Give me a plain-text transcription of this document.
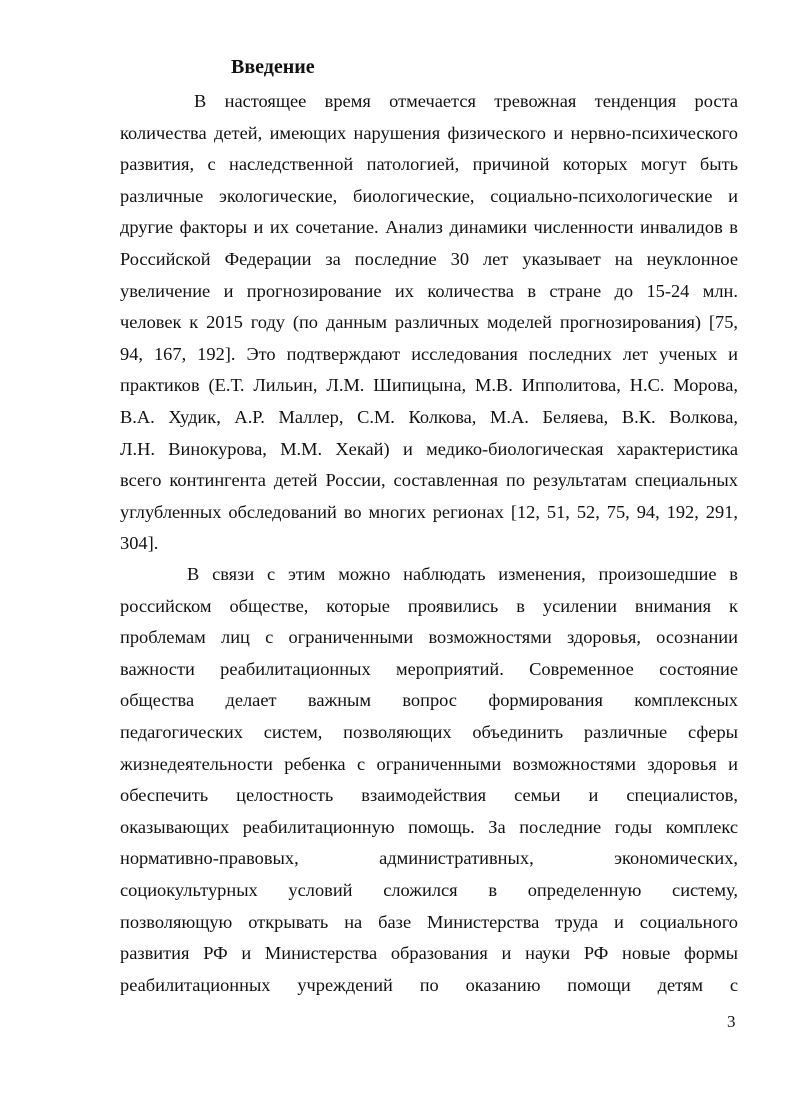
Введение

В настоящее время отмечается тревожная тенденция роста
количества детей, имеющих нарушения физического и нервно-психического
развития, с наследственной патологией, причиной которых могут быть
различные экологические, биологические, социально-психологические и
другие факторы и их сочетание. Анализ динамики численности инвалидов в
Российской Федерации за последние 30 лет указывает на неуклонное
увеличение и прогнозирование их количества в стране до 15-24 млн.
человек к 2015 году (по данным различных моделей прогнозирования) [75,
94, 167, 192]. Это подтверждают исследования последних лет ученых и
практиков (Е.Т. Лильин, Л.М. Шипицына, М.В. Ипполитова, Н.С. Морова,
В.А. Худик, А.Р. Маллер, С.М. Колкова, М.А. Беляева, В.К. Волкова,
Л.Н. Винокурова, М.М. Хекай) и медико-биологическая характеристика
всего контингента детей России, составленная по результатам специальных
углубленных обследований во многих регионах [12, 51, 52, 75, 94, 192, 291,
304].

В связи с этим можно наблюдать изменения, произошедшие в
российском обществе, которые проявились в усилении внимания к
проблемам лиц с ограниченными возможностями здоровья, осознании
важности реабилитационных мероприятий. Современное состояние
общества делает важным вопрос формирования комплексных
педагогических систем, позволяющих объединить различные сферы
жизнедеятельности ребенка с ограниченными возможностями здоровья и
обеспечить целостность взаимодействия семьи и специалистов,
оказывающих реабилитационную помощь. За последние годы комплекс
нормативно-правовых, административных, экономических,
социокультурных условий сложился в определенную систему,
позволяющую открывать на базе Министерства труда и социального
развития РФ и Министерства образования и науки РФ новые формы
реабилитационных учреждений по оказанию помощи детям с

3
